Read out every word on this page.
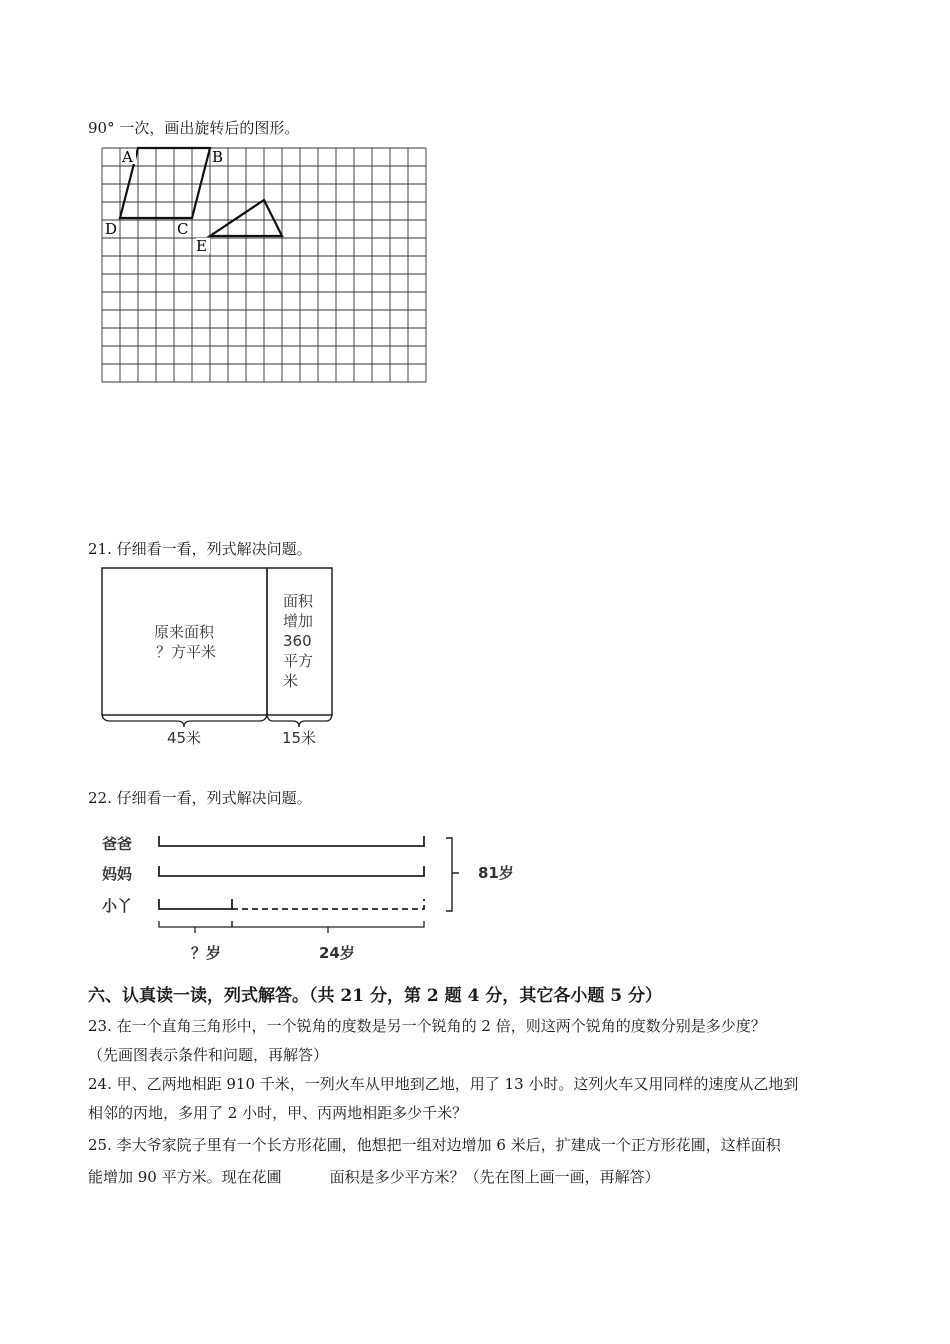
90° 一次，画出旋转后的图形。
A	B
C
D
E
21. 仔细看一看，列式解决问题。
原来面积
？方平米
面积
增加
360
平方
米
45米	15米
22. 仔细看一看，列式解决问题。
爸爸
妈妈
小丫
81岁
？岁	24岁
六、认真读一读，列式解答。（共 21 分，第 2 题 4 分，其它各小题 5 分）
23. 在一个直角三角形中，一个锐角的度数是另一个锐角的 2 倍，则这两个锐角的度数分别是多少度？
（先画图表示条件和问题，再解答）
24. 甲、乙两地相距 910 千米，一列火车从甲地到乙地，用了 13 小时。这列火车又用同样的速度从乙地到
相邻的丙地，多用了 2 小时，甲、丙两地相距多少千米？
25. 李大爷家院子里有一个长方形花圃，他想把一组对边增加 6 米后，扩建成一个正方形花圃，这样面积
能增加 90 平方米。现在花圃	面积是多少平方米？（先在图上画一画，再解答）
